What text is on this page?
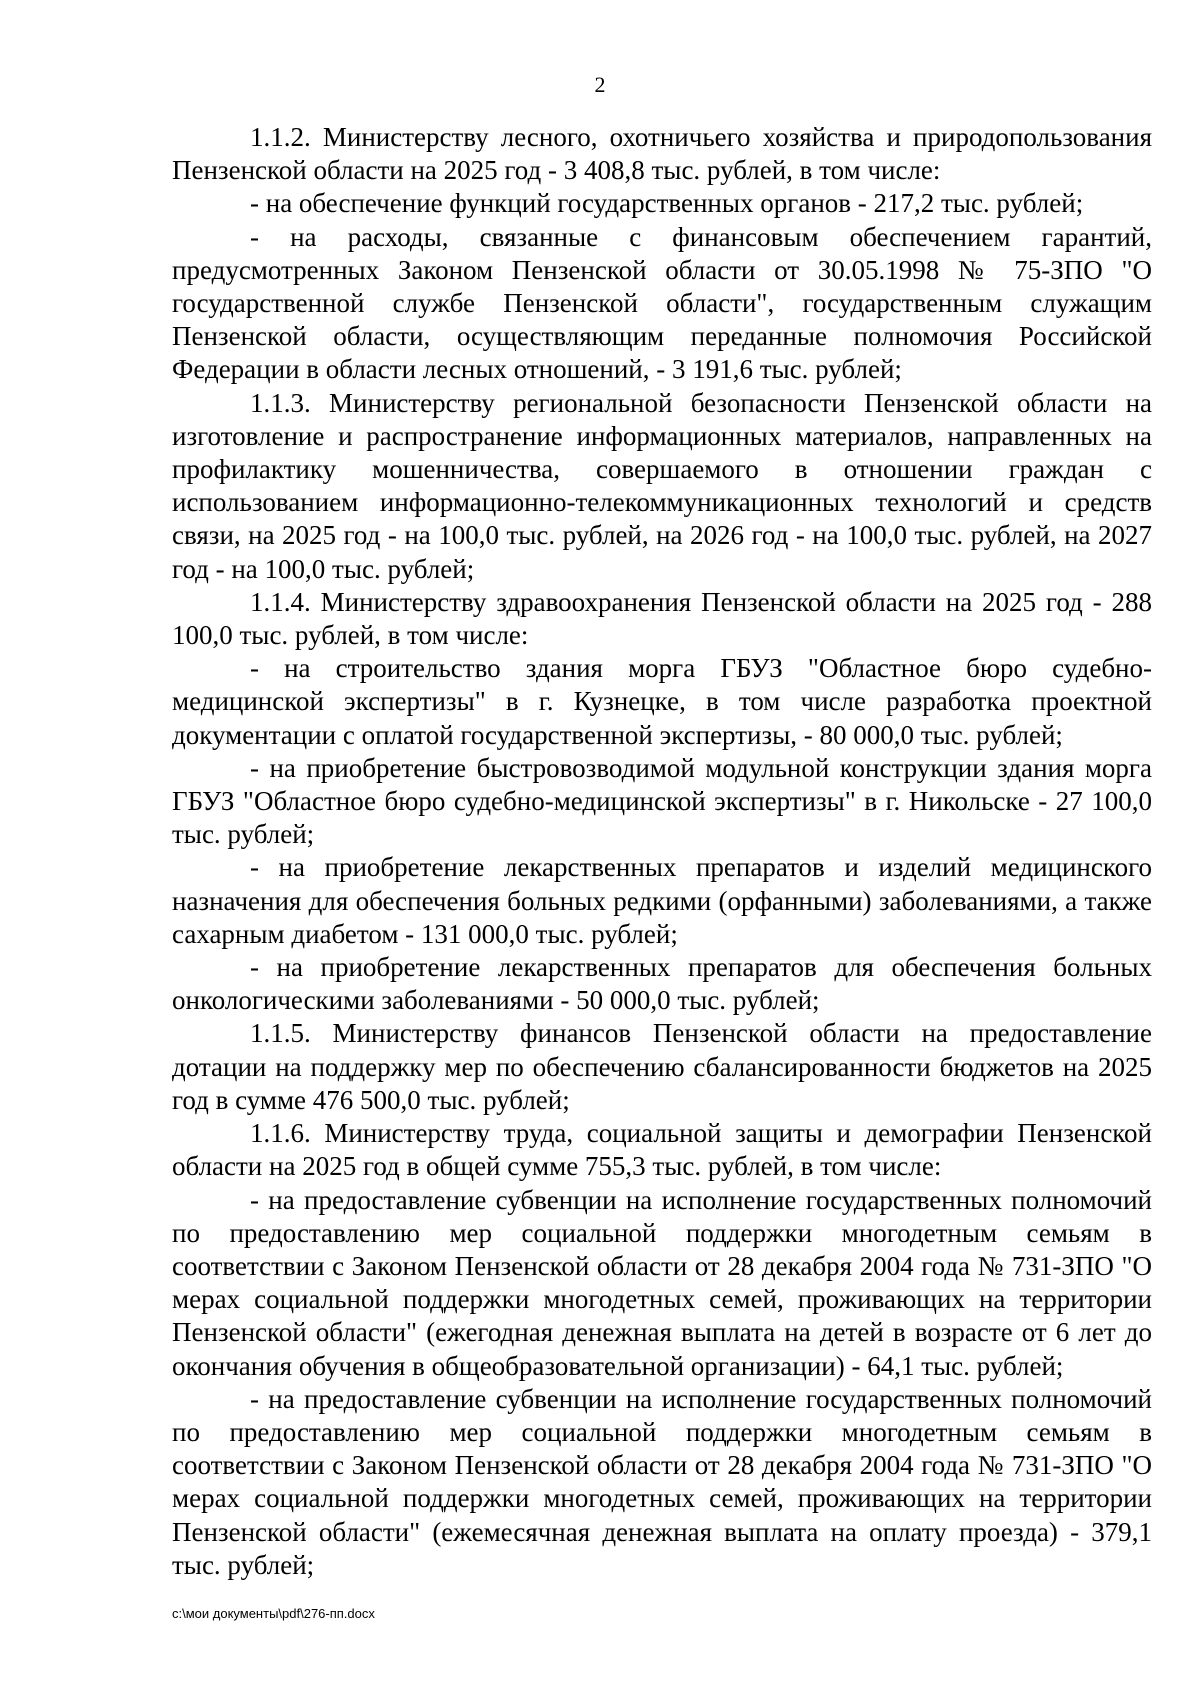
2

1.1.2. Министерству лесного, охотничьего хозяйства и природопользования Пензенской области на 2025 год - 3 408,8 тыс. рублей, в том числе:

- на обеспечение функций государственных органов - 217,2 тыс. рублей;

- на расходы, связанные с финансовым обеспечением гарантий, предусмотренных Законом Пензенской области от 30.05.1998 № 75-ЗПО "О государственной службе Пензенской области", государственным служащим Пензенской области, осуществляющим переданные полномочия Российской Федерации в области лесных отношений, - 3 191,6 тыс. рублей;

1.1.3. Министерству региональной безопасности Пензенской области на изготовление и распространение информационных материалов, направленных на профилактику мошенничества, совершаемого в отношении граждан с использованием информационно-телекоммуникационных технологий и средств связи, на 2025 год - на 100,0 тыс. рублей, на 2026 год - на 100,0 тыс. рублей, на 2027 год - на 100,0 тыс. рублей;

1.1.4. Министерству здравоохранения Пензенской области на 2025 год - 288 100,0 тыс. рублей, в том числе:

- на строительство здания морга ГБУЗ "Областное бюро судебно-медицинской экспертизы" в г. Кузнецке, в том числе разработка проектной документации с оплатой государственной экспертизы, - 80 000,0 тыс. рублей;

- на приобретение быстровозводимой модульной конструкции здания морга ГБУЗ "Областное бюро судебно-медицинской экспертизы" в г. Никольске - 27 100,0 тыс. рублей;

- на приобретение лекарственных препаратов и изделий медицинского назначения для обеспечения больных редкими (орфанными) заболеваниями, а также сахарным диабетом - 131 000,0 тыс. рублей;

- на приобретение лекарственных препаратов для обеспечения больных онкологическими заболеваниями - 50 000,0 тыс. рублей;

1.1.5. Министерству финансов Пензенской области на предоставление дотации на поддержку мер по обеспечению сбалансированности бюджетов на 2025 год в сумме 476 500,0 тыс. рублей;

1.1.6. Министерству труда, социальной защиты и демографии Пензенской области на 2025 год в общей сумме 755,3 тыс. рублей, в том числе:

- на предоставление субвенции на исполнение государственных полномочий по предоставлению мер социальной поддержки многодетным семьям в соответствии с Законом Пензенской области от 28 декабря 2004 года № 731-ЗПО "О мерах социальной поддержки многодетных семей, проживающих на территории Пензенской области" (ежегодная денежная выплата на детей в возрасте от 6 лет до окончания обучения в общеобразовательной организации) - 64,1 тыс. рублей;

- на предоставление субвенции на исполнение государственных полномочий по предоставлению мер социальной поддержки многодетным семьям в соответствии с Законом Пензенской области от 28 декабря 2004 года № 731-ЗПО "О мерах социальной поддержки многодетных семей, проживающих на территории Пензенской области" (ежемесячная денежная выплата на оплату проезда) - 379,1 тыс. рублей;

c:\мои документы\pdf\276-пп.docx
